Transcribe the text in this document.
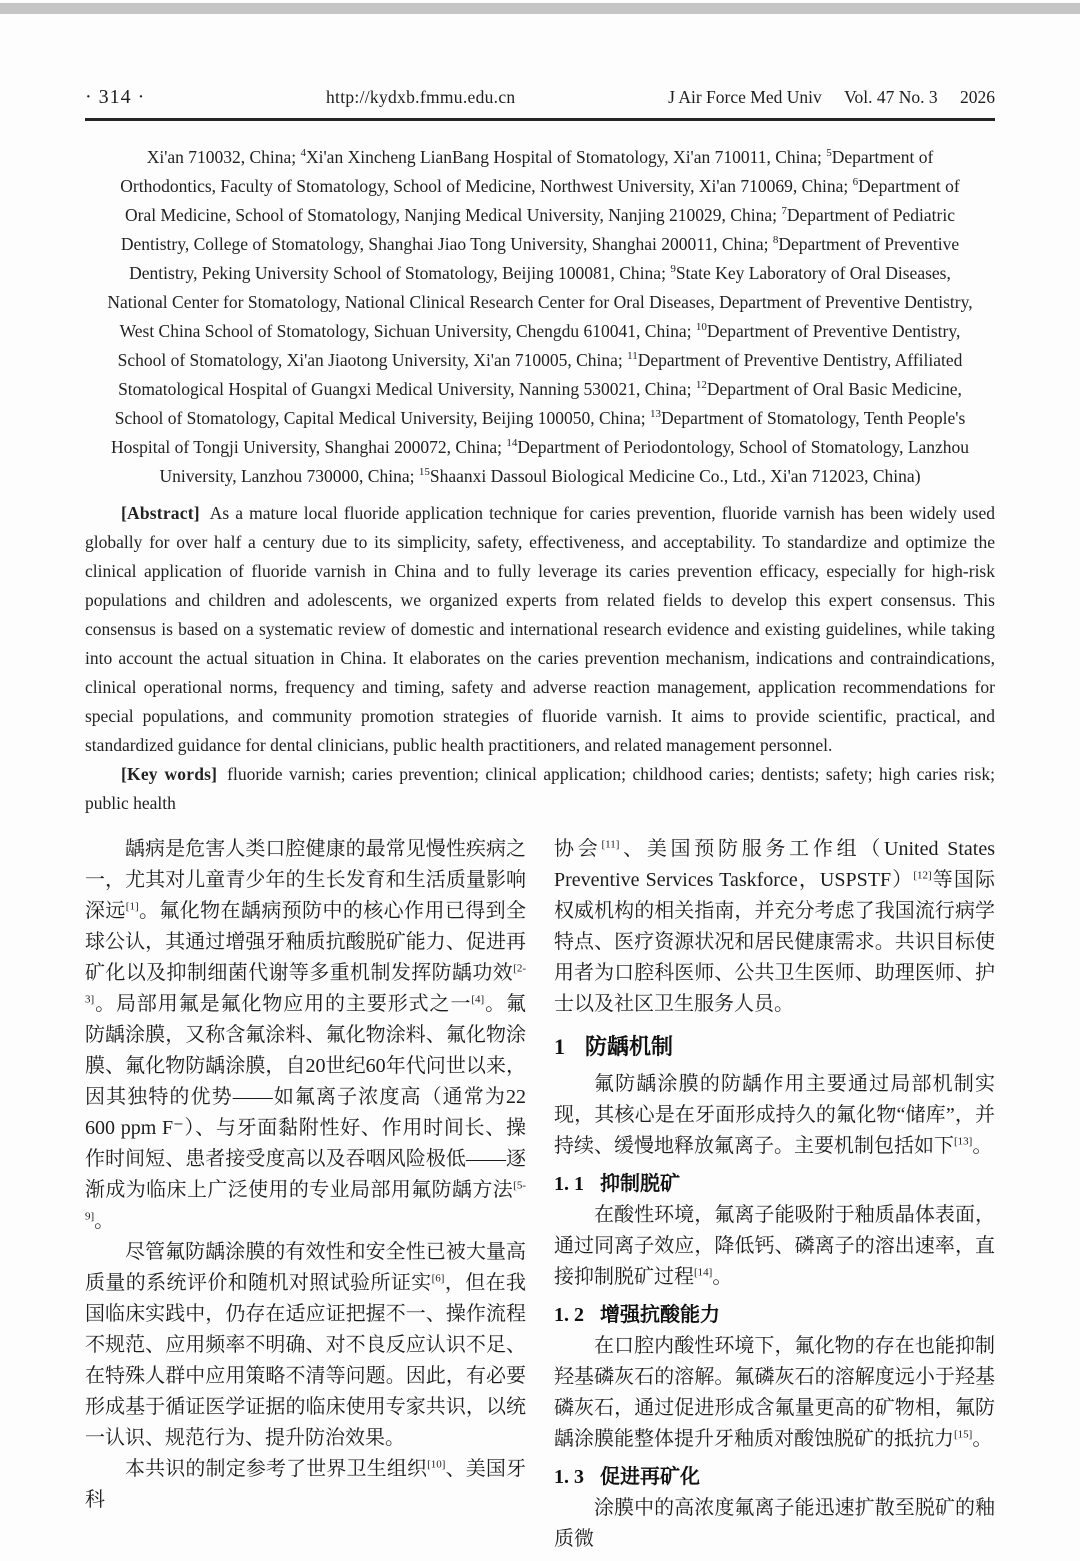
· 314 ·	http://kydxb.fmmu.edu.cn	J Air Force Med Univ Vol. 47 No. 3 2026
Xi'an 710032, China; $^4$Xi'an Xincheng LianBang Hospital of Stomatology, Xi'an 710011, China; $^5$Department of
Orthodontics, Faculty of Stomatology, School of Medicine, Northwest University, Xi'an 710069, China; $^6$Department of
Oral Medicine, School of Stomatology, Nanjing Medical University, Nanjing 210029, China; $^7$Department of Pediatric
Dentistry, College of Stomatology, Shanghai Jiao Tong University, Shanghai 200011, China; $^8$Department of Preventive
Dentistry, Peking University School of Stomatology, Beijing 100081, China; $^9$State Key Laboratory of Oral Diseases,
National Center for Stomatology, National Clinical Research Center for Oral Diseases, Department of Preventive Dentistry,
West China School of Stomatology, Sichuan University, Chengdu 610041, China; $^{10}$Department of Preventive Dentistry,
School of Stomatology, Xi'an Jiaotong University, Xi'an 710005, China; $^{11}$Department of Preventive Dentistry, Affiliated
Stomatological Hospital of Guangxi Medical University, Nanning 530021, China; $^{12}$Department of Oral Basic Medicine,
School of Stomatology, Capital Medical University, Beijing 100050, China; $^{13}$Department of Stomatology, Tenth People's
Hospital of Tongji University, Shanghai 200072, China; $^{14}$Department of Periodontology, School of Stomatology, Lanzhou
University, Lanzhou 730000, China; $^{15}$Shaanxi Dassoul Biological Medicine Co., Ltd., Xi'an 712023, China)

[Abstract] As a mature local fluoride application technique for caries prevention, fluoride varnish has been widely used globally for over half a century due to its simplicity, safety, effectiveness, and acceptability. To standardize and optimize the clinical application of fluoride varnish in China and to fully leverage its caries prevention efficacy, especially for high-risk populations and children and adolescents, we organized experts from related fields to develop this expert consensus. This consensus is based on a systematic review of domestic and international research evidence and existing guidelines, while taking into account the actual situation in China. It elaborates on the caries prevention mechanism, indications and contraindications, clinical operational norms, frequency and timing, safety and adverse reaction management, application recommendations for special populations, and community promotion strategies of fluoride varnish. It aims to provide scientific, practical, and standardized guidance for dental clinicians, public health practitioners, and related management personnel.

[Key words] fluoride varnish; caries prevention; clinical application; childhood caries; dentists; safety; high caries risk; public health

龋病是危害人类口腔健康的最常见慢性疾病之一，尤其对儿童青少年的生长发育和生活质量影响深远[1]。氟化物在龋病预防中的核心作用已得到全球公认，其通过增强牙釉质抗酸脱矿能力、促进再矿化以及抑制细菌代谢等多重机制发挥防龋功效[2-3]。局部用氟是氟化物应用的主要形式之一[4]。氟防龋涂膜，又称含氟涂料、氟化物涂料、氟化物涂膜、氟化物防龋涂膜，自20世纪60年代问世以来，因其独特的优势——如氟离子浓度高（通常为22 600 ppm F⁻）、与牙面黏附性好、作用时间长、操作时间短、患者接受度高以及吞咽风险极低——逐渐成为临床上广泛使用的专业局部用氟防龋方法[5-9]。

尽管氟防龋涂膜的有效性和安全性已被大量高质量的系统评价和随机对照试验所证实[6]，但在我国临床实践中，仍存在适应证把握不一、操作流程不规范、应用频率不明确、对不良反应认识不足、在特殊人群中应用策略不清等问题。因此，有必要形成基于循证医学证据的临床使用专家共识，以统一认识、规范行为、提升防治效果。

本共识的制定参考了世界卫生组织[10]、美国牙科

协会[11]、美国预防服务工作组（United States Preventive Services Taskforce，USPSTF）[12]等国际权威机构的相关指南，并充分考虑了我国流行病学特点、医疗资源状况和居民健康需求。共识目标使用者为口腔科医师、公共卫生医师、助理医师、护士以及社区卫生服务人员。

1 防龋机制

氟防龋涂膜的防龋作用主要通过局部机制实现，其核心是在牙面形成持久的氟化物“储库”，并持续、缓慢地释放氟离子。主要机制包括如下[13]。

1. 1 抑制脱矿

在酸性环境，氟离子能吸附于釉质晶体表面，通过同离子效应，降低钙、磷离子的溶出速率，直接抑制脱矿过程[14]。

1. 2 增强抗酸能力

在口腔内酸性环境下，氟化物的存在也能抑制羟基磷灰石的溶解。氟磷灰石的溶解度远小于羟基磷灰石，通过促进形成含氟量更高的矿物相，氟防龋涂膜能整体提升牙釉质对酸蚀脱矿的抵抗力[15]。

1. 3 促进再矿化

涂膜中的高浓度氟离子能迅速扩散至脱矿的釉质微
